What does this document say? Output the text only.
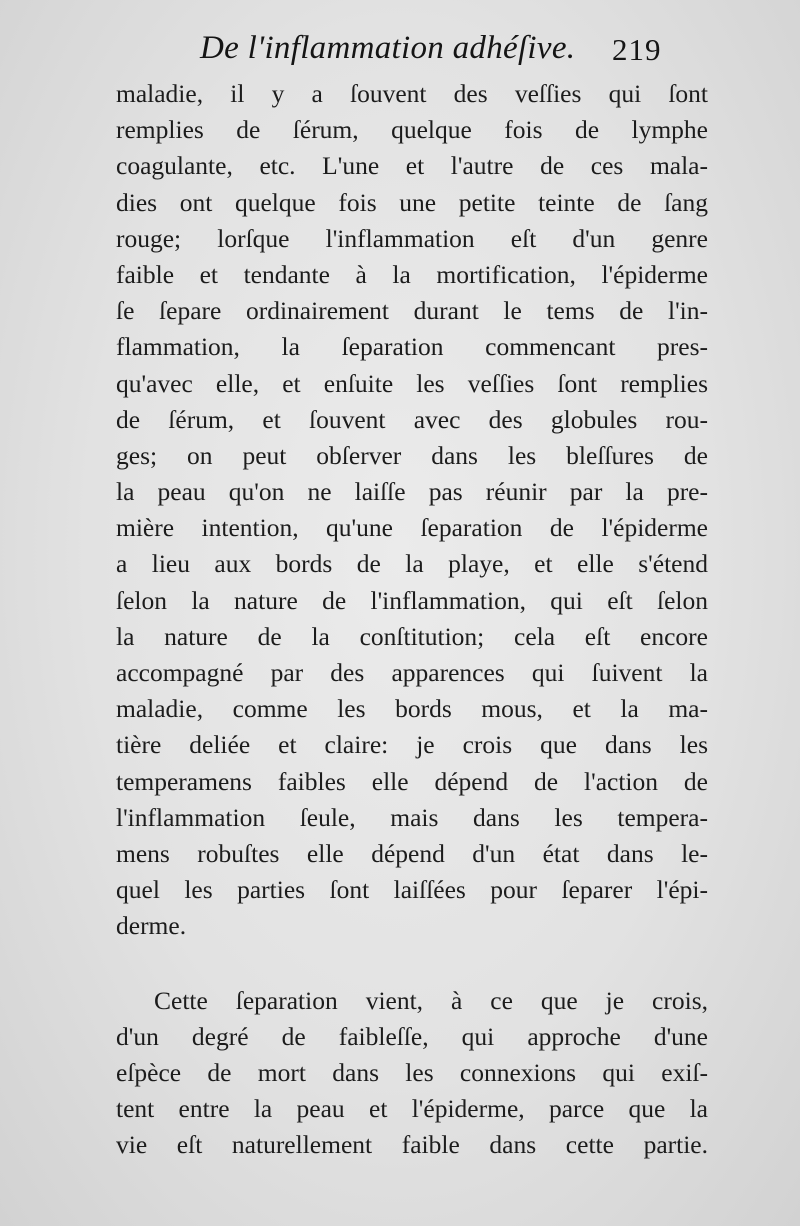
De l'inflammation adhéſive. 219
maladie, il y a ſouvent des veſſies qui ſont
remplies de ſérum, quelque fois de lymphe
coagulante, etc. L'une et l'autre de ces mala-
dies ont quelque fois une petite teinte de ſang
rouge; lorſque l'inflammation eſt d'un genre
faible et tendante à la mortification, l'épiderme
ſe ſepare ordinairement durant le tems de l'in-
flammation, la ſeparation commencant pres-
qu'avec elle, et enſuite les veſſies ſont remplies
de ſérum, et ſouvent avec des globules rou-
ges; on peut obſerver dans les bleſſures de
la peau qu'on ne laiſſe pas réunir par la pre-
mière intention, qu'une ſeparation de l'épiderme
a lieu aux bords de la playe, et elle s'étend
ſelon la nature de l'inflammation, qui eſt ſelon
la nature de la conſtitution; cela eſt encore
accompagné par des apparences qui ſuivent la
maladie, comme les bords mous, et la ma-
tière deliée et claire: je crois que dans les
temperamens faibles elle dépend de l'action de
l'inflammation ſeule, mais dans les tempera-
mens robuſtes elle dépend d'un état dans le-
quel les parties ſont laiſſées pour ſeparer l'épi-
derme.
Cette ſeparation vient, à ce que je crois,
d'un degré de faibleſſe, qui approche d'une
eſpèce de mort dans les connexions qui exiſ-
tent entre la peau et l'épiderme, parce que la
vie eſt naturellement faible dans cette partie.
